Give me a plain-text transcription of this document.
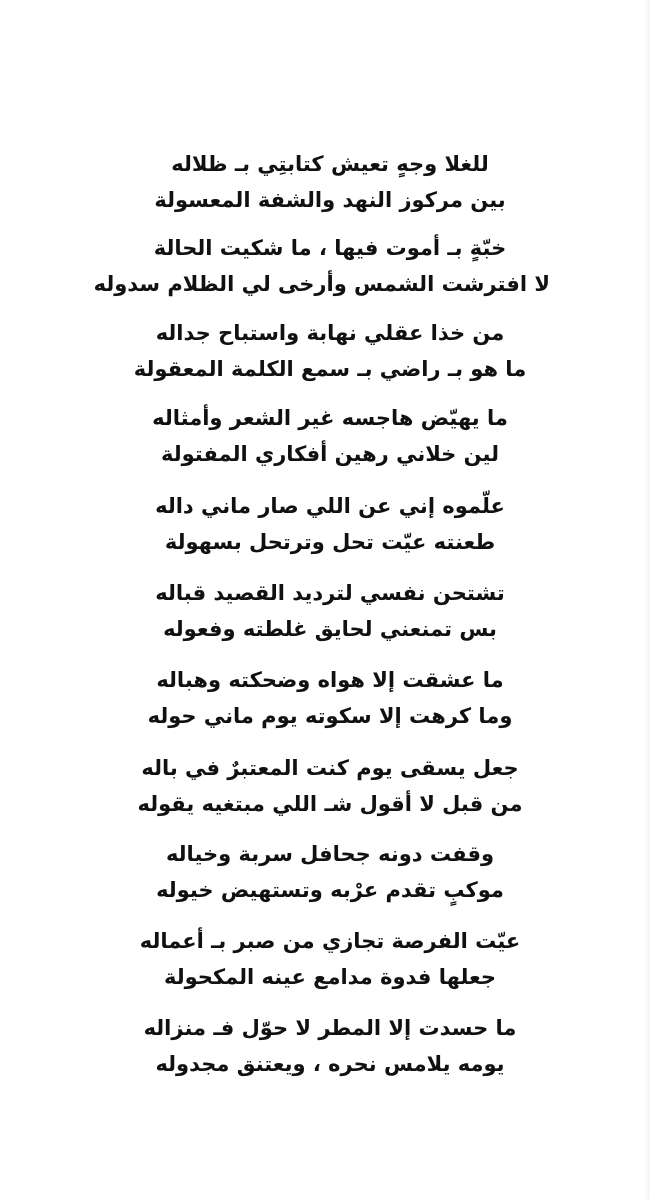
للغلا وجهٍ تعيش كتابتِي بـ ظلاله
بين مركوز النهد والشفة المعسولة
خبّةٍ بـ أموت فيها ، ما شكيت الحالة
لا افترشت الشمس وأرخى لي الظلام سدوله
من خذا عقلي نهابة واستباح جداله
ما هو بـ راضي بـ سمع الكلمة المعقولة
ما يهيّض هاجسه غير الشعر وأمثاله
لين خلاني رهين أفكاري المفتولة
علّموه إني عن اللي صار ماني داله
طعنته عيّت تحل وترتحل بسهولة
تشتحن نفسي لترديد القصيد قباله
بس تمنعني لحايق غلطته وفعوله
ما عشقت إلا هواه وضحكته وهباله
وما كرهت إلا سكوته يوم ماني حوله
جعل يسقى يوم كنت المعتبرٌ في باله
من قبل لا أقول شـ اللي مبتغيه يقوله
وقفت دونه جحافل سربة وخياله
موكبٍ تقدم عرْبه وتستهيض خيوله
عيّت الفرصة تجازي من صبر بـ أعماله
جعلها فدوة مدامع عينه المكحولة
ما حسدت إلا المطر لا حوّل فـ منزاله
يومه يلامس نحره ، ويعتنق مجدوله
